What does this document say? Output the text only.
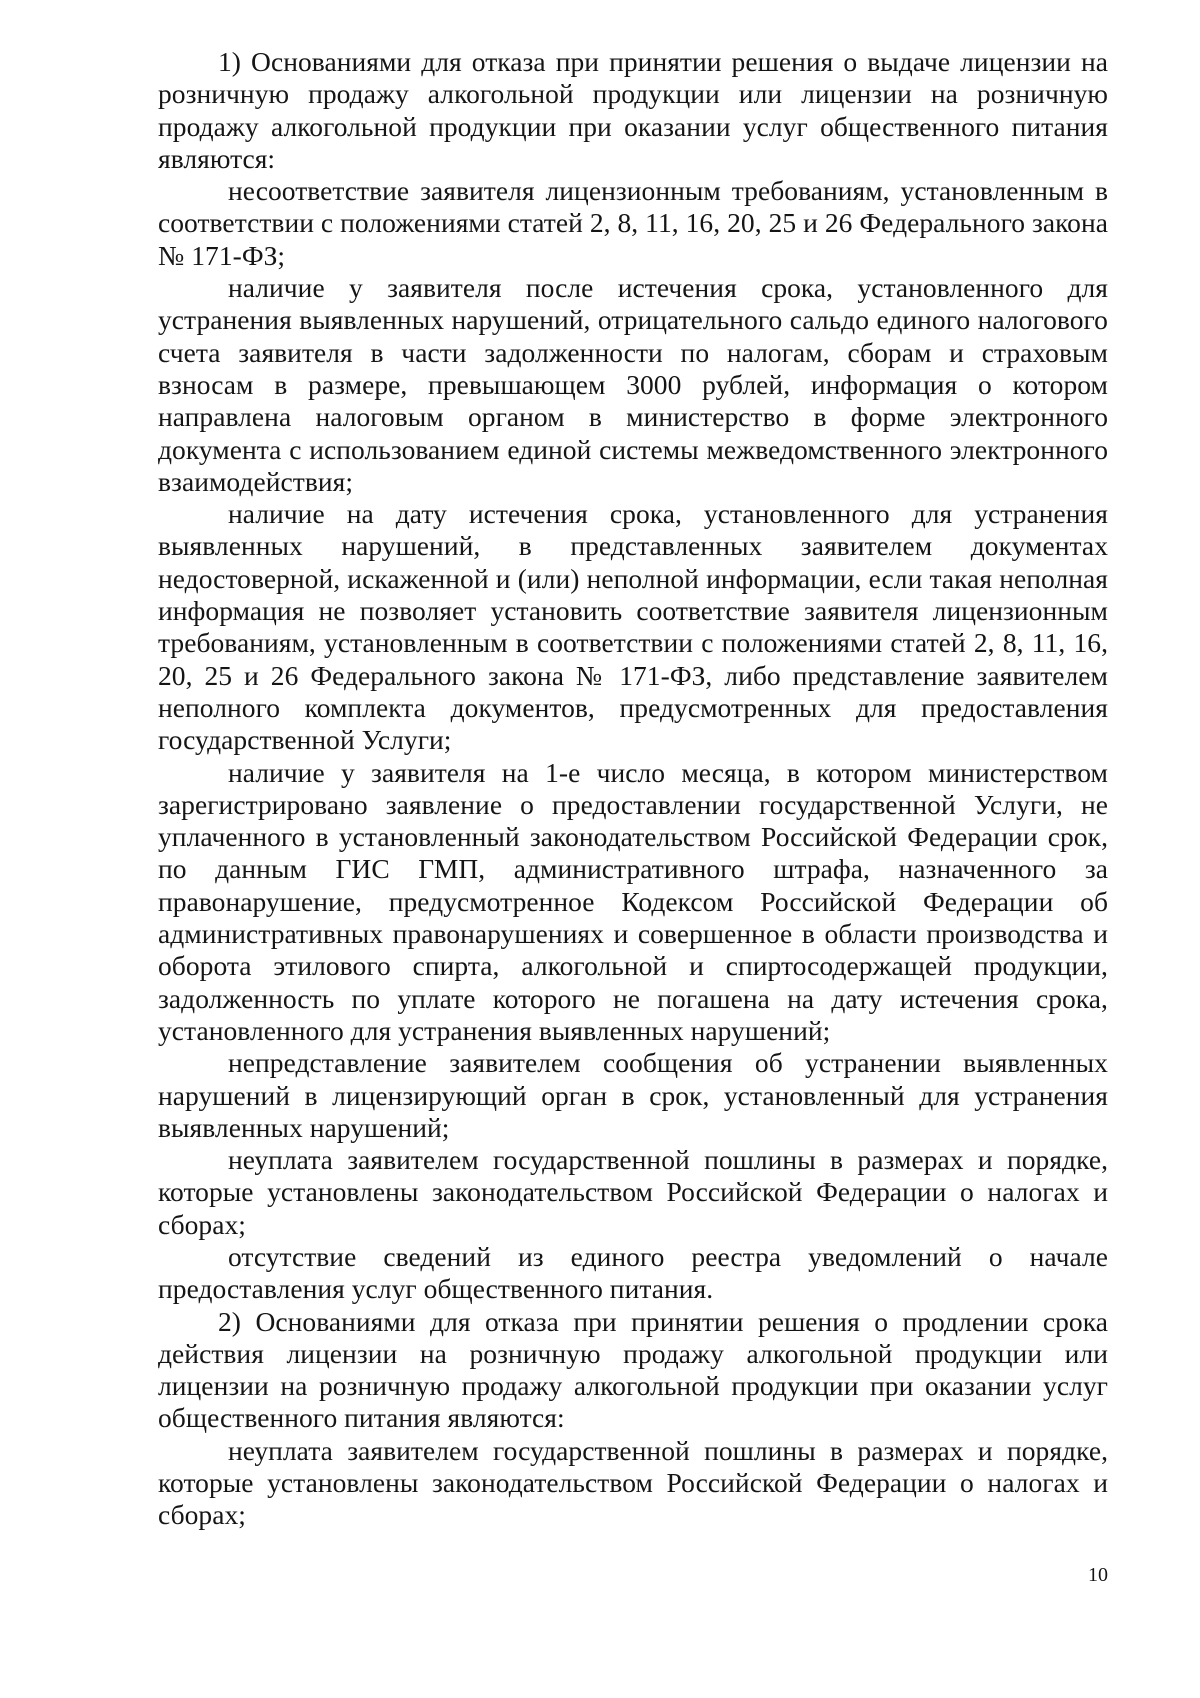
1) Основаниями для отказа при принятии решения о выдаче лицензии на розничную продажу алкогольной продукции или лицензии на розничную продажу алкогольной продукции при оказании услуг общественного питания являются:

несоответствие заявителя лицензионным требованиям, установленным в соответствии с положениями статей 2, 8, 11, 16, 20, 25 и 26 Федерального закона № 171-ФЗ;

наличие у заявителя после истечения срока, установленного для устранения выявленных нарушений, отрицательного сальдо единого налогового счета заявителя в части задолженности по налогам, сборам и страховым взносам в размере, превышающем 3000 рублей, информация о котором направлена налоговым органом в министерство в форме электронного документа с использованием единой системы межведомственного электронного взаимодействия;

наличие на дату истечения срока, установленного для устранения выявленных нарушений, в представленных заявителем документах недостоверной, искаженной и (или) неполной информации, если такая неполная информация не позволяет установить соответствие заявителя лицензионным требованиям, установленным в соответствии с положениями статей 2, 8, 11, 16, 20, 25 и 26 Федерального закона № 171-ФЗ, либо представление заявителем неполного комплекта документов, предусмотренных для предоставления государственной Услуги;

наличие у заявителя на 1-е число месяца, в котором министерством зарегистрировано заявление о предоставлении государственной Услуги, не уплаченного в установленный законодательством Российской Федерации срок, по данным ГИС ГМП, административного штрафа, назначенного за правонарушение, предусмотренное Кодексом Российской Федерации об административных правонарушениях и совершенное в области производства и оборота этилового спирта, алкогольной и спиртосодержащей продукции, задолженность по уплате которого не погашена на дату истечения срока, установленного для устранения выявленных нарушений;

непредставление заявителем сообщения об устранении выявленных нарушений в лицензирующий орган в срок, установленный для устранения выявленных нарушений;

неуплата заявителем государственной пошлины в размерах и порядке, которые установлены законодательством Российской Федерации о налогах и сборах;

отсутствие сведений из единого реестра уведомлений о начале предоставления услуг общественного питания.

2) Основаниями для отказа при принятии решения о продлении срока действия лицензии на розничную продажу алкогольной продукции или лицензии на розничную продажу алкогольной продукции при оказании услуг общественного питания являются:

неуплата заявителем государственной пошлины в размерах и порядке, которые установлены законодательством Российской Федерации о налогах и сборах;

10
